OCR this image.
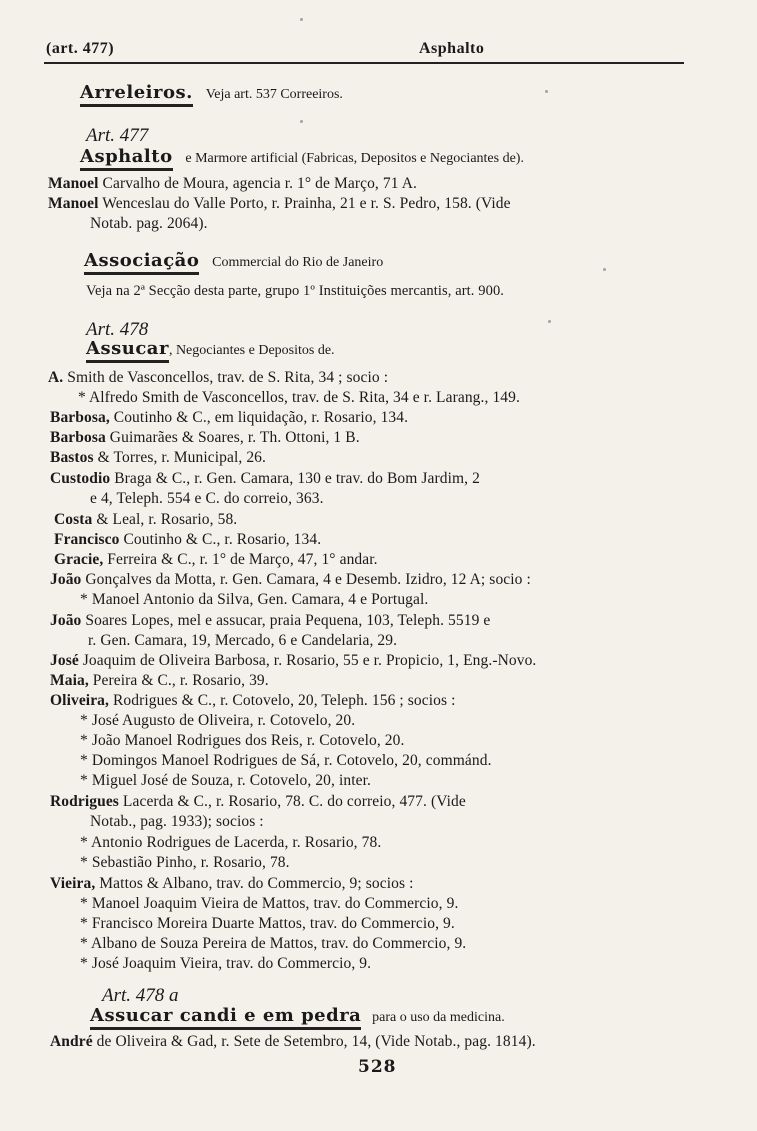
(art. 477)	Asphalto
Arreleiros. Veja art. 537 Correeiros.
Art. 477
Asphalto e Marmore artificial (Fabricas, Depositos e Negociantes de).
Manoel Carvalho de Moura, agencia r. 1° de Março, 71 A.
Manoel Wenceslau do Valle Porto, r. Prainha, 21 e r. S. Pedro, 158. (Vide
Notab. pag. 2064).
Associação Commercial do Rio de Janeiro
Veja na 2ª Secção desta parte, grupo 1º Instituições mercantis, art. 900.
Art. 478
Assucar, Negociantes e Depositos de.
A. Smith de Vasconcellos, trav. de S. Rita, 34 ; socio :
* Alfredo Smith de Vasconcellos, trav. de S. Rita, 34 e r. Larang., 149.
Barbosa, Coutinho & C., em liquidação, r. Rosario, 134.
Barbosa Guimarães & Soares, r. Th. Ottoni, 1 B.
Bastos & Torres, r. Municipal, 26.
Custodio Braga & C., r. Gen. Camara, 130 e trav. do Bom Jardim, 2
e 4, Teleph. 554 e C. do correio, 363.
Costa & Leal, r. Rosario, 58.
Francisco Coutinho & C., r. Rosario, 134.
Gracie, Ferreira & C., r. 1° de Março, 47, 1° andar.
João Gonçalves da Motta, r. Gen. Camara, 4 e Desemb. Izidro, 12 A; socio :
* Manoel Antonio da Silva, Gen. Camara, 4 e Portugal.
João Soares Lopes, mel e assucar, praia Pequena, 103, Teleph. 5519 e
r. Gen. Camara, 19, Mercado, 6 e Candelaria, 29.
José Joaquim de Oliveira Barbosa, r. Rosario, 55 e r. Propicio, 1, Eng.-Novo.
Maia, Pereira & C., r. Rosario, 39.
Oliveira, Rodrigues & C., r. Cotovelo, 20, Teleph. 156 ; socios :
* José Augusto de Oliveira, r. Cotovelo, 20.
* João Manoel Rodrigues dos Reis, r. Cotovelo, 20.
* Domingos Manoel Rodrigues de Sá, r. Cotovelo, 20, commánd.
* Miguel José de Souza, r. Cotovelo, 20, inter.
Rodrigues Lacerda & C., r. Rosario, 78. C. do correio, 477. (Vide
Notab., pag. 1933); socios :
* Antonio Rodrigues de Lacerda, r. Rosario, 78.
* Sebastião Pinho, r. Rosario, 78.
Vieira, Mattos & Albano, trav. do Commercio, 9; socios :
* Manoel Joaquim Vieira de Mattos, trav. do Commercio, 9.
* Francisco Moreira Duarte Mattos, trav. do Commercio, 9.
* Albano de Souza Pereira de Mattos, trav. do Commercio, 9.
* José Joaquim Vieira, trav. do Commercio, 9.
Art. 478 a
Assucar candi e em pedra para o uso da medicina.
André de Oliveira & Gad, r. Sete de Setembro, 14, (Vide Notab., pag. 1814).
528
